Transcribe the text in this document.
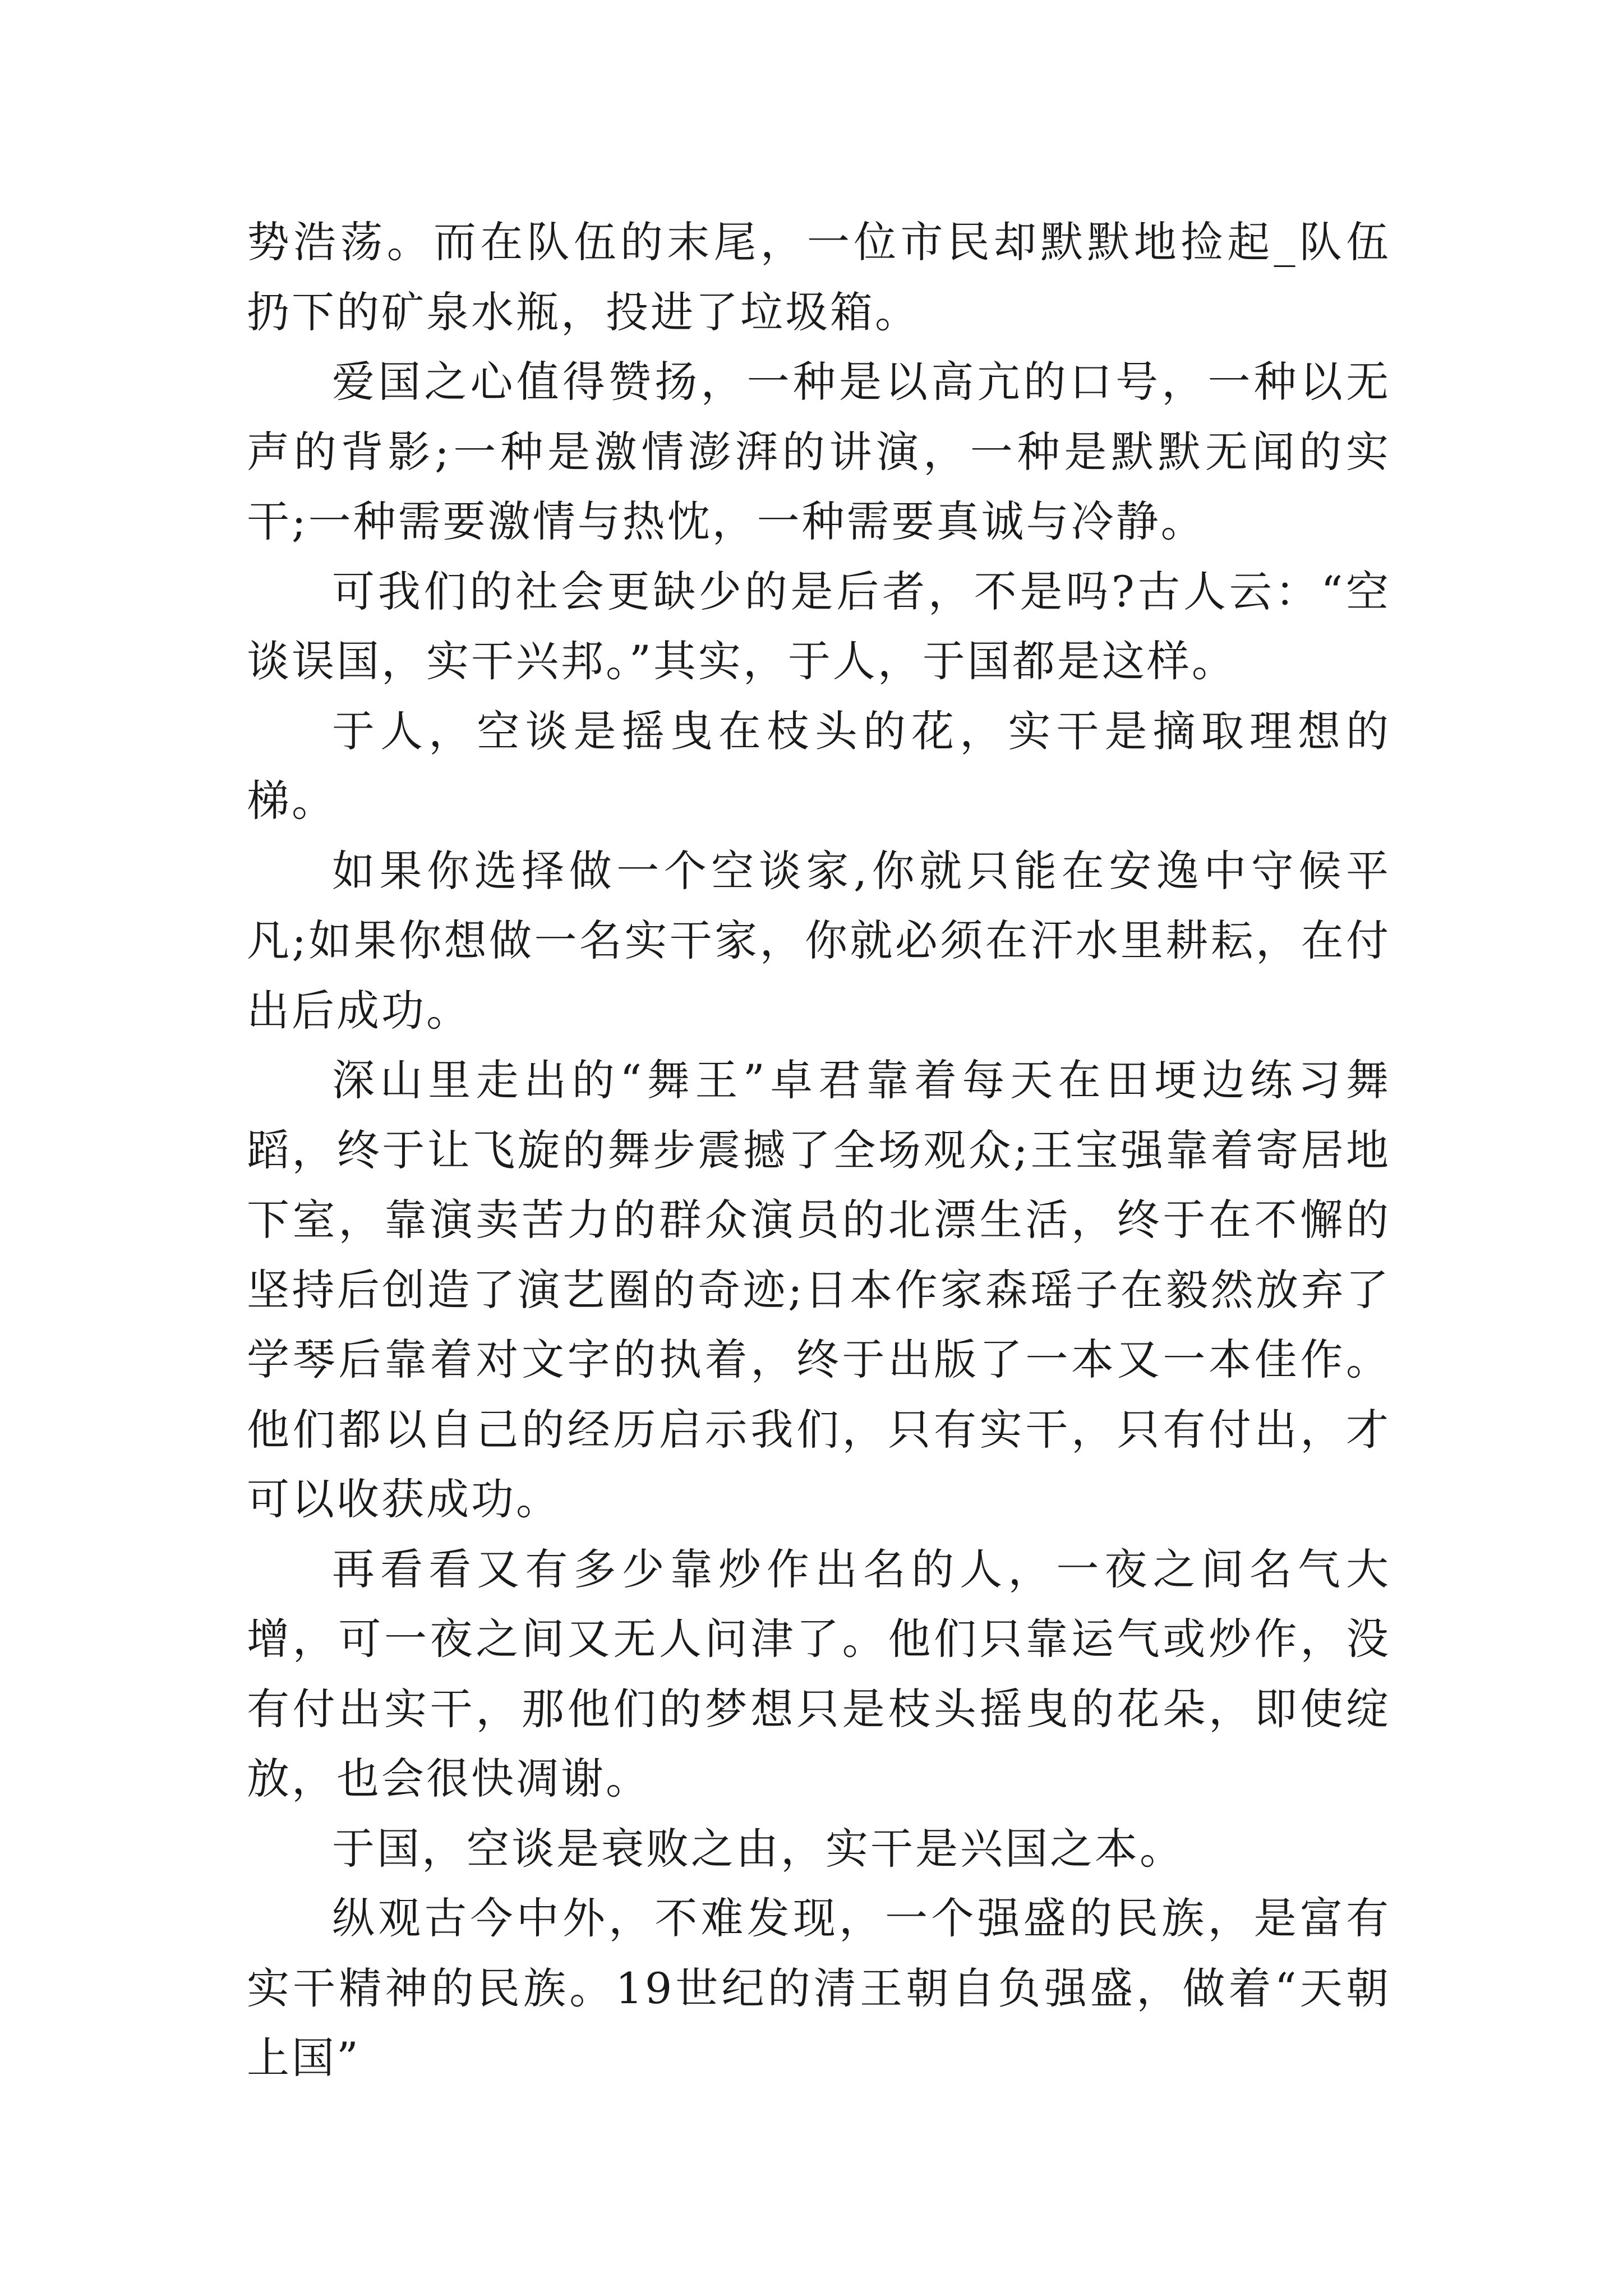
势浩荡。而在队伍的末尾，一位市民却默默地捡起_队伍扔下的矿泉水瓶，投进了垃圾箱。

爱国之心值得赞扬，一种是以高亢的口号，一种以无声的背影;一种是激情澎湃的讲演，一种是默默无闻的实干;一种需要激情与热忱，一种需要真诚与冷静。

可我们的社会更缺少的是后者，不是吗?古人云：“空谈误国，实干兴邦。”其实，于人，于国都是这样。

于人，空谈是摇曳在枝头的花，实干是摘取理想的梯。

如果你选择做一个空谈家,你就只能在安逸中守候平凡;如果你想做一名实干家，你就必须在汗水里耕耘，在付出后成功。

深山里走出的“舞王”卓君靠着每天在田埂边练习舞蹈，终于让飞旋的舞步震撼了全场观众;王宝强靠着寄居地下室，靠演卖苦力的群众演员的北漂生活，终于在不懈的坚持后创造了演艺圈的奇迹;日本作家森瑶子在毅然放弃了学琴后靠着对文字的执着，终于出版了一本又一本佳作。他们都以自己的经历启示我们，只有实干，只有付出，才可以收获成功。

再看看又有多少靠炒作出名的人，一夜之间名气大增，可一夜之间又无人问津了。他们只靠运气或炒作，没有付出实干，那他们的梦想只是枝头摇曳的花朵，即使绽放，也会很快凋谢。

于国，空谈是衰败之由，实干是兴国之本。

纵观古今中外，不难发现，一个强盛的民族，是富有实干精神的民族。19世纪的清王朝自负强盛，做着“天朝上国”
